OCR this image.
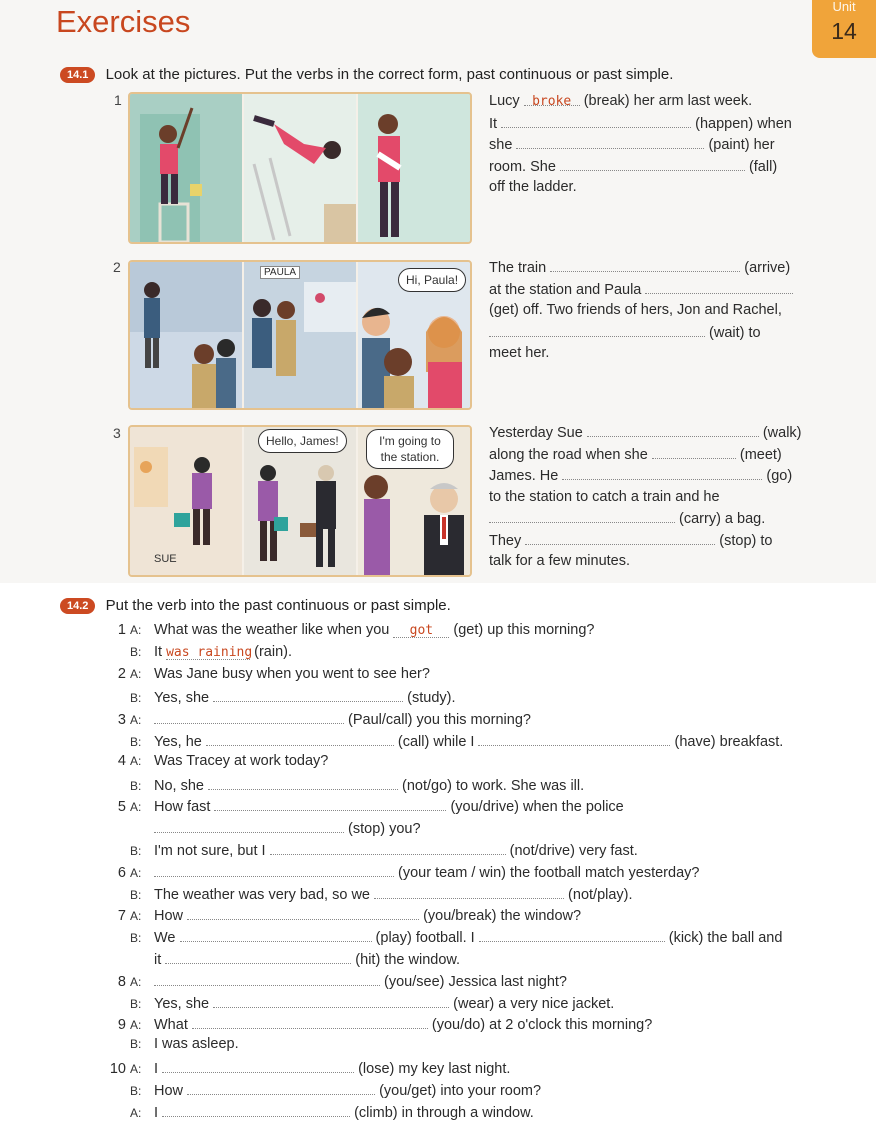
Exercises	Unit
14
14.1 Look at the pictures. Put the verbs in the correct form, past continuous or past simple.
1
2
3
PAULA
Hi, Paula!
SUE
Hello, James!	I'm going to the station.
Lucy broke (break) her arm last week.
It	(happen) when
she	(paint) her
room. She	(fall)
off the ladder.
The train	(arrive)
at the station and Paula
(get) off. Two friends of hers, Jon and Rachel,
(wait) to
meet her.
Yesterday Sue	(walk)
along the road when she	(meet)
James. He	(go)
to the station to catch a train and he
(carry) a bag.
They	(stop) to
talk for a few minutes.
14.2 Put the verb into the past continuous or past simple.
1 A: What was the weather like when you got (get) up this morning?
B: It was raining (rain).
2 A: Was Jane busy when you went to see her?
B: Yes, she	(study).
3 A:	(Paul/call) you this morning?
B: Yes, he	(call) while I	(have) breakfast.
4 A: Was Tracey at work today?
B: No, she	(not/go) to work. She was ill.
5 A: How fast	(you/drive) when the police
(stop) you?
B: I'm not sure, but I	(not/drive) very fast.
6 A:	(your team / win) the football match yesterday?
B: The weather was very bad, so we	(not/play).
7 A: How	(you/break) the window?
B: We	(play) football. I	(kick) the ball and
it	(hit) the window.
8 A:	(you/see) Jessica last night?
B: Yes, she	(wear) a very nice jacket.
9 A: What	(you/do) at 2 o'clock this morning?
B: I was asleep.
10 A: I	(lose) my key last night.
B: How	(you/get) into your room?
A: I	(climb) in through a window.
